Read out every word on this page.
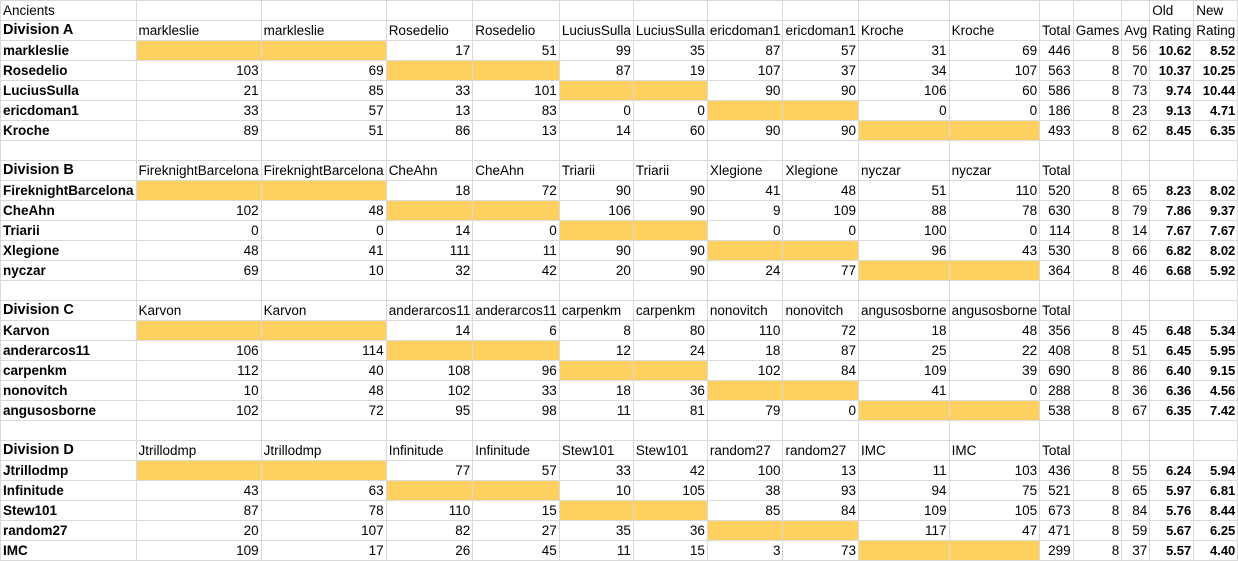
Ancients														Old	New
Division A	markleslie	markleslie	Rosedelio	Rosedelio	LuciusSulla	LuciusSulla	ericdoman1	ericdoman1	Kroche	Kroche	Total	Games	Avg	Rating	Rating
markleslie			17	51	99	35	87	57	31	69	446	8	56	10.62	8.52
Rosedelio	103	69			87	19	107	37	34	107	563	8	70	10.37	10.25
LuciusSulla	21	85	33	101			90	90	106	60	586	8	73	9.74	10.44
ericdoman1	33	57	13	83	0	0			0	0	186	8	23	9.13	4.71
Kroche	89	51	86	13	14	60	90	90			493	8	62	8.45	6.35

Division B	FireknightBarcelona	FireknightBarcelona	CheAhn	CheAhn	Triarii	Triarii	Xlegione	Xlegione	nyczar	nyczar	Total				
FireknightBarcelona			18	72	90	90	41	48	51	110	520	8	65	8.23	8.02
CheAhn	102	48			106	90	9	109	88	78	630	8	79	7.86	9.37
Triarii	0	0	14	0			0	0	100	0	114	8	14	7.67	7.67
Xlegione	48	41	111	11	90	90			96	43	530	8	66	6.82	8.02
nyczar	69	10	32	42	20	90	24	77			364	8	46	6.68	5.92

Division C	Karvon	Karvon	anderarcos11	anderarcos11	carpenkm	carpenkm	nonovitch	nonovitch	angusosborne	angusosborne	Total				
Karvon			14	6	8	80	110	72	18	48	356	8	45	6.48	5.34
anderarcos11	106	114			12	24	18	87	25	22	408	8	51	6.45	5.95
carpenkm	112	40	108	96			102	84	109	39	690	8	86	6.40	9.15
nonovitch	10	48	102	33	18	36			41	0	288	8	36	6.36	4.56
angusosborne	102	72	95	98	11	81	79	0			538	8	67	6.35	7.42

Division D	Jtrillodmp	Jtrillodmp	Infinitude	Infinitude	Stew101	Stew101	random27	random27	IMC	IMC	Total				
Jtrillodmp			77	57	33	42	100	13	11	103	436	8	55	6.24	5.94
Infinitude	43	63			10	105	38	93	94	75	521	8	65	5.97	6.81
Stew101	87	78	110	15			85	84	109	105	673	8	84	5.76	8.44
random27	20	107	82	27	35	36			117	47	471	8	59	5.67	6.25
IMC	109	17	26	45	11	15	3	73			299	8	37	5.57	4.40
